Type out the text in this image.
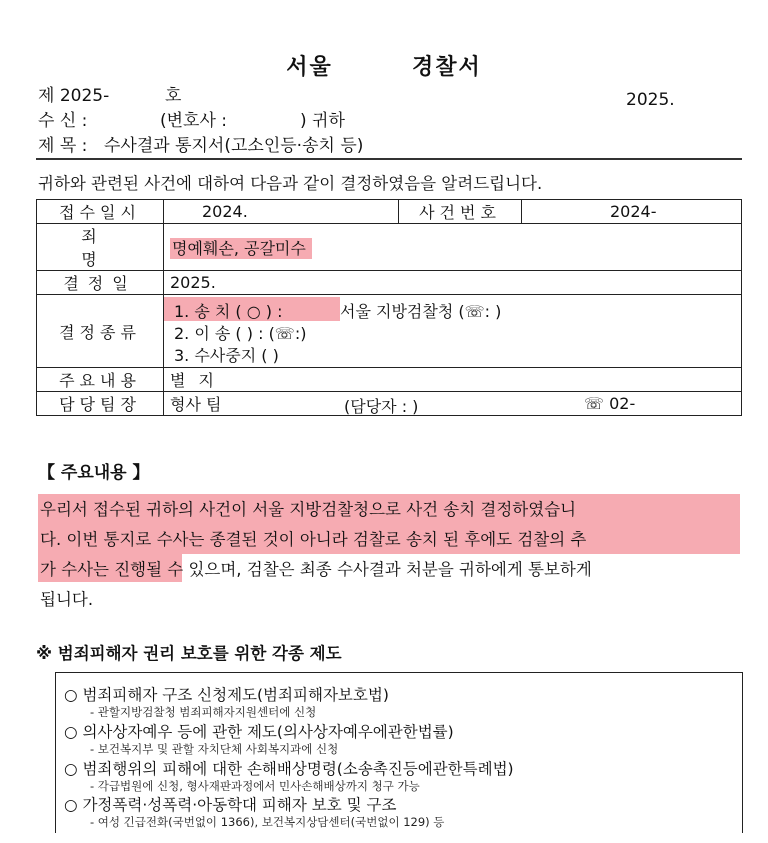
서울	경찰서
제 2025-	호	2025.
수 신 :	(변호사 :	) 귀하
제 목 : 수사결과 통지서(고소인등·송치 등)
귀하와 관련된 사건에 대하여 다음과 같이 결정하였음을 알려드립니다.
접수일시	2024.	사건번호	2024-
죄 명	명예훼손, 공갈미수		
결정일	2025.		
결정종류	1. 송 치 ( ○ ) : 서울 지방검찰청 (☏: )
2. 이 송 ( ) : (☏:)
3. 수사중지 ( )		

주요내용	별 지		
담당팀장	형사 팀 (담당자 : ) ☏ 02-		
【 주요내용 】
우리서 접수된 귀하의 사건이 서울 지방검찰청으로 사건 송치 결정하였습니
다. 이번 통지로 수사는 종결된 것이 아니라 검찰로 송치 된 후에도 검찰의 추
가 수사는 진행될 수 있으며, 검찰은 최종 수사결과 처분을 귀하에게 통보하게
됩니다.
※ 범죄피해자 권리 보호를 위한 각종 제도
○ 범죄피해자 구조 신청제도(범죄피해자보호법)
- 관할지방검찰청 범죄피해자지원센터에 신청
○ 의사상자예우 등에 관한 제도(의사상자예우에관한법률)
- 보건복지부 및 관할 자치단체 사회복지과에 신청
○ 범죄행위의 피해에 대한 손해배상명령(소송촉진등에관한특례법)
- 각급법원에 신청, 형사재판과정에서 민사손해배상까지 청구 가능
○ 가정폭력·성폭력·아동학대 피해자 보호 및 구조
- 여성 긴급전화(국번없이 1366), 보건복지상담센터(국번없이 129) 등
